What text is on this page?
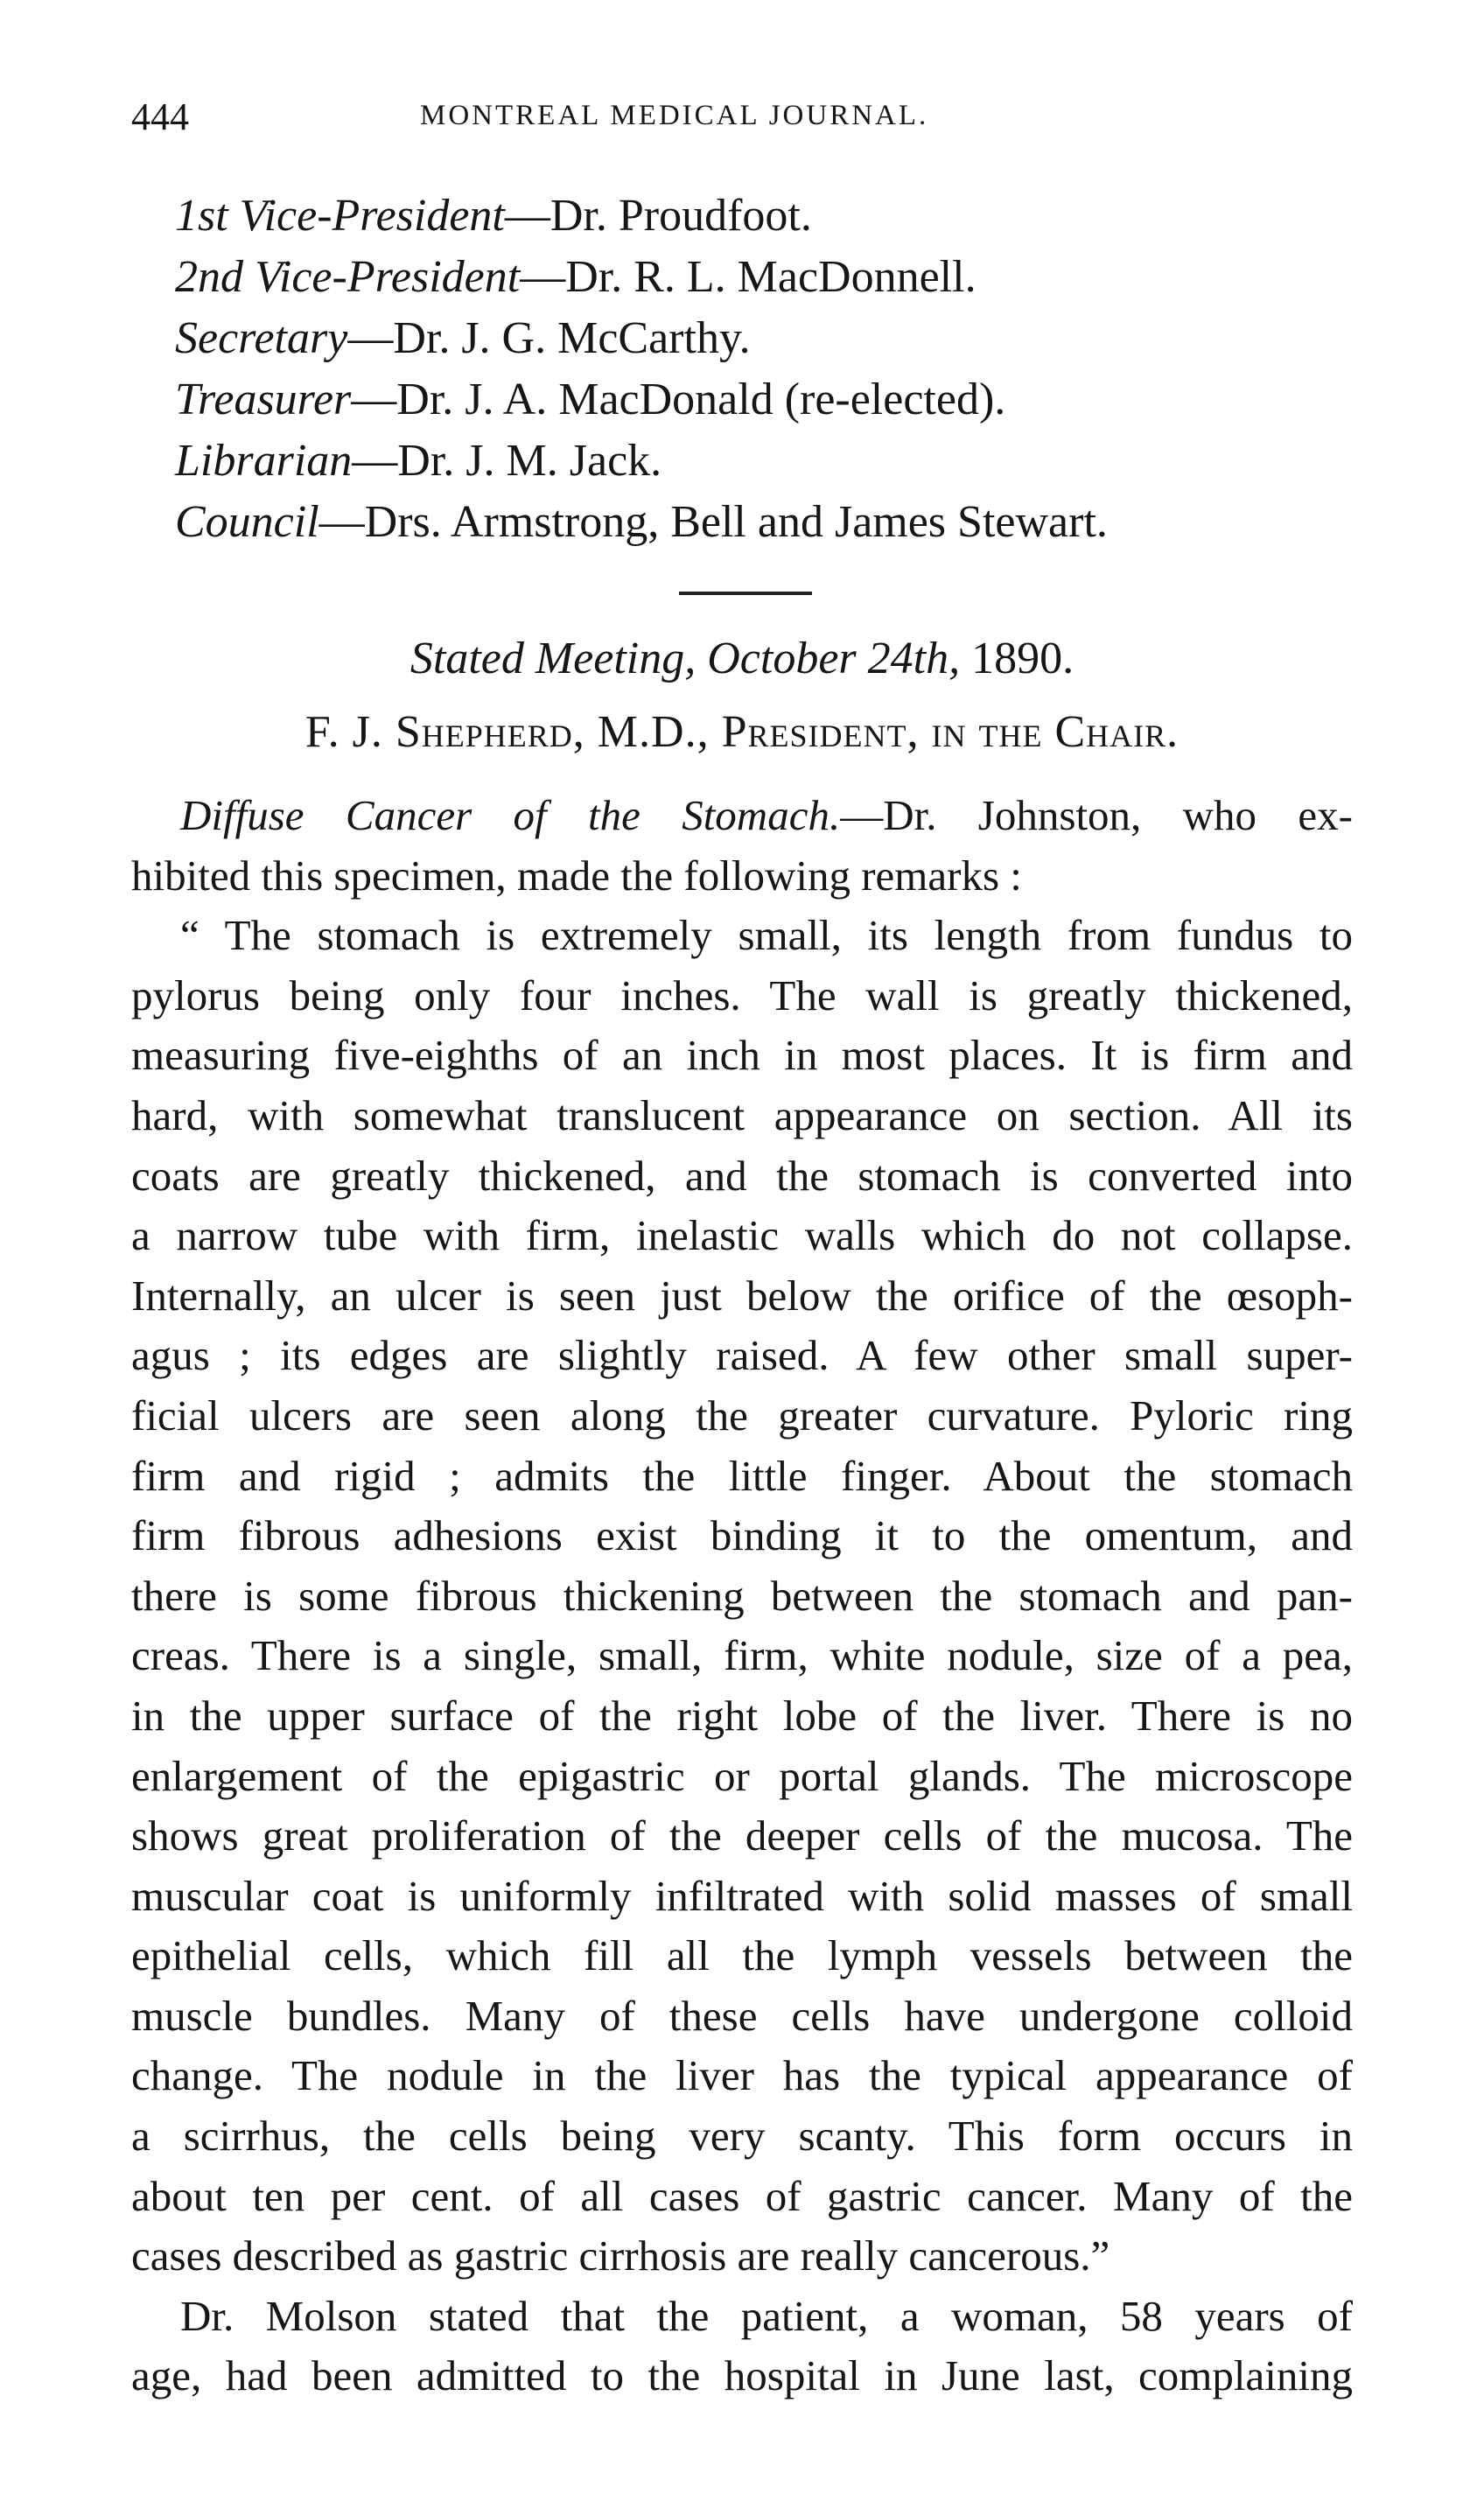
444	MONTREAL MEDICAL JOURNAL.
1st Vice-President—Dr. Proudfoot.
2nd Vice-President—Dr. R. L. MacDonnell.
Secretary—Dr. J. G. McCarthy.
Treasurer—Dr. J. A. MacDonald (re-elected).
Librarian—Dr. J. M. Jack.
Council—Drs. Armstrong, Bell and James Stewart.
Stated Meeting, October 24th, 1890.
F. J. Shepherd, M.D., President, in the Chair.
Diffuse Cancer of the Stomach.—Dr. Johnston, who ex-
hibited this specimen, made the following remarks :
“ The stomach is extremely small, its length from fundus to
pylorus being only four inches. The wall is greatly thickened,
measuring five-eighths of an inch in most places. It is firm and
hard, with somewhat translucent appearance on section. All its
coats are greatly thickened, and the stomach is converted into
a narrow tube with firm, inelastic walls which do not collapse.
Internally, an ulcer is seen just below the orifice of the œsoph-
agus ; its edges are slightly raised. A few other small super-
ficial ulcers are seen along the greater curvature. Pyloric ring
firm and rigid ; admits the little finger. About the stomach
firm fibrous adhesions exist binding it to the omentum, and
there is some fibrous thickening between the stomach and pan-
creas. There is a single, small, firm, white nodule, size of a pea,
in the upper surface of the right lobe of the liver. There is no
enlargement of the epigastric or portal glands. The microscope
shows great proliferation of the deeper cells of the mucosa. The
muscular coat is uniformly infiltrated with solid masses of small
epithelial cells, which fill all the lymph vessels between the
muscle bundles. Many of these cells have undergone colloid
change. The nodule in the liver has the typical appearance of
a scirrhus, the cells being very scanty. This form occurs in
about ten per cent. of all cases of gastric cancer. Many of the
cases described as gastric cirrhosis are really cancerous.”
Dr. Molson stated that the patient, a woman, 58 years of
age, had been admitted to the hospital in June last, complaining
